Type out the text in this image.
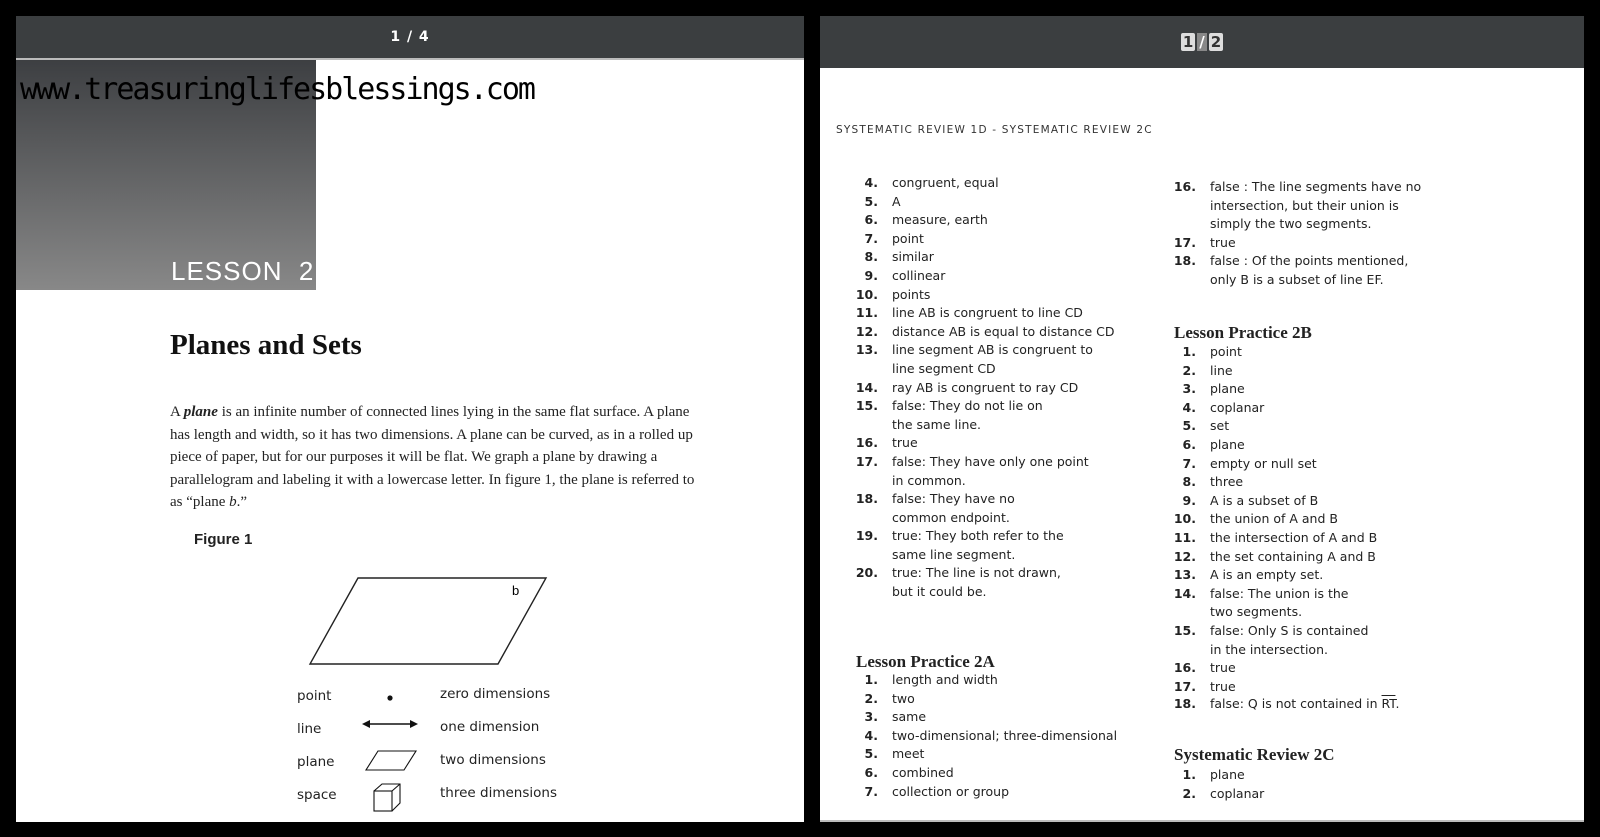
1 / 4
www.treasuringlifesblessings.com
LESSON  2
Planes and Sets

A plane is an infinite number of connected lines lying in the same flat surface. A plane has length and width, so it has two dimensions. A plane can be curved, as in a rolled up piece of paper, but for our purposes it will be flat. We graph a plane by drawing a parallelogram and labeling it with a lowercase letter. In figure 1, the plane is referred to as “plane b.”

Figure 1
b
point	zero dimensions
line	one dimension
plane	two dimensions
space	three dimensions
1 / 2
SYSTEMATIC REVIEW 1D - SYSTEMATIC REVIEW 2C
4.	congruent, equal
5.	A
6.	measure, earth
7.	point
8.	similar
9.	collinear
10.	points
11.	line AB is congruent to line CD
12.	distance AB is equal to distance CD
13.	line segment AB is congruent to
line segment CD
14.	ray AB is congruent to ray CD
15.	false: They do not lie on
the same line.
16.	true
17.	false: They have only one point
in common.
18.	false: They have no
common endpoint.
19.	true: They both refer to the
same line segment.
20.	true: The line is not drawn,
but it could be.
Lesson Practice 2A
1.	length and width
2.	two
3.	same
4.	two-dimensional; three-dimensional
5.	meet
6.	combined
7.	collection or group
16.	false : The line segments have no
intersection, but their union is
simply the two segments.
17.	true
18.	false : Of the points mentioned,
only B is a subset of line EF.
Lesson Practice 2B
1.	point
2.	line
3.	plane
4.	coplanar
5.	set
6.	plane
7.	empty or null set
8.	three
9.	A is a subset of B
10.	the union of A and B
11.	the intersection of A and B
12.	the set containing A and B
13.	A is an empty set.
14.	false: The union is the
two segments.
15.	false: Only S is contained
in the intersection.
16.	true
17.	true
18.	false: Q is not contained in $\overline{RT}$.
Systematic Review 2C
1.	plane
2.	coplanar
